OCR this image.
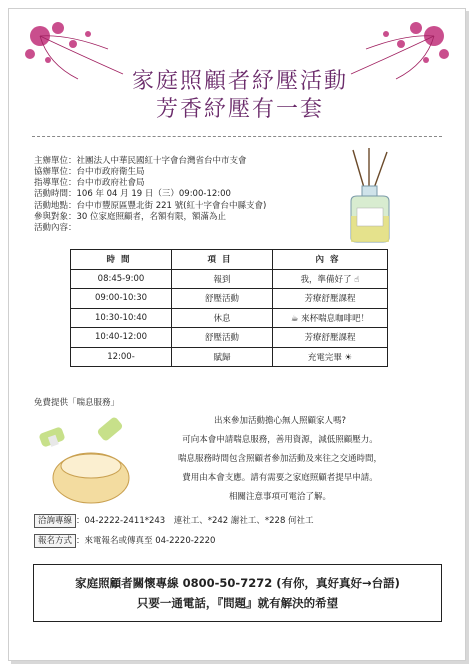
家庭照顧者紓壓活動
芳香紓壓有一套
主辦單位：社團法人中華民國紅十字會台灣省台中市支會
協辦單位：台中市政府衛生局
指導單位：台中市政府社會局
活動時間：106 年 04 月 19 日（三）09:00-12:00
活動地點：台中市豐原區豐北街 221 號(紅十字會台中縣支會)
參與對象：30 位家庭照顧者，名額有限，額滿為止
活動內容：
時間	項目	內容
08:45-9:00	報到	我，準備好了 ☝
09:00-10:30	舒壓活動	芳療舒壓課程
10:30-10:40	休息	☕ 來杯喘息咖啡吧！
10:40-12:00	舒壓活動	芳療舒壓課程
12:00-	賦歸	充電完畢 ☀
免費提供「喘息服務」
出來參加活動擔心無人照顧家人嗎?
可向本會申請喘息服務，善用資源，減低照顧壓力。
喘息服務時間包含照顧者參加活動及來往之交通時間，
費用由本會支應。請有需要之家庭照顧者提早申請。
相關注意事項可電洽了解。
洽詢專線 ：04-2222-2411*243　連社工、*242 謝社工、*228 何社工
報名方式 ：來電報名或傳真至 04-2220-2220
家庭照顧者關懷專線 0800-50-7272 (有你，真好真好→台語)
只要一通電話，『問題』就有解決的希望
